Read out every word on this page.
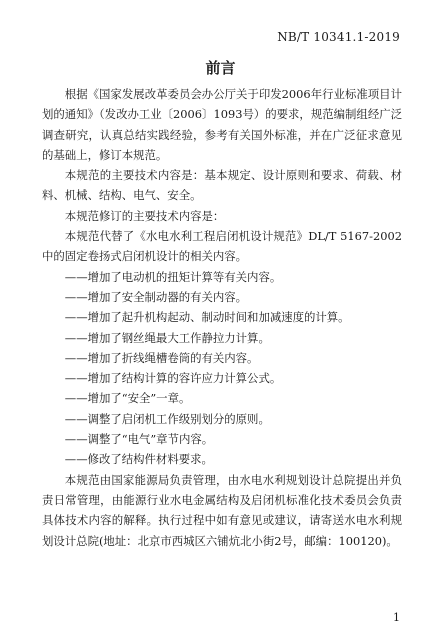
NB/T 10341.1-2019
前言

根据《国家发展改革委员会办公厅关于印发2006年行业标准项目计划的通知》（发改办工业〔2006〕1093号）的要求，规范编制组经广泛调查研究，认真总结实践经验，参考有关国外标准，并在广泛征求意见的基础上，修订本规范。

本规范的主要技术内容是：基本规定、设计原则和要求、荷载、材料、机械、结构、电气、安全。

本规范修订的主要技术内容是：

本规范代替了《水电水利工程启闭机设计规范》DL/T 5167-2002中的固定卷扬式启闭机设计的相关内容。

——增加了电动机的扭矩计算等有关内容。

——增加了安全制动器的有关内容。

——增加了起升机构起动、制动时间和加减速度的计算。

——增加了钢丝绳最大工作静拉力计算。

——增加了折线绳槽卷筒的有关内容。

——增加了结构计算的容许应力计算公式。

——增加了“安全”一章。

——调整了启闭机工作级别划分的原则。

——调整了“电气”章节内容。

——修改了结构件材料要求。

本规范由国家能源局负责管理，由水电水利规划设计总院提出并负责日常管理，由能源行业水电金属结构及启闭机标准化技术委员会负责具体技术内容的解释。执行过程中如有意见或建议，请寄送水电水利规划设计总院(地址：北京市西城区六铺炕北小街2号，邮编：100120)。

1
